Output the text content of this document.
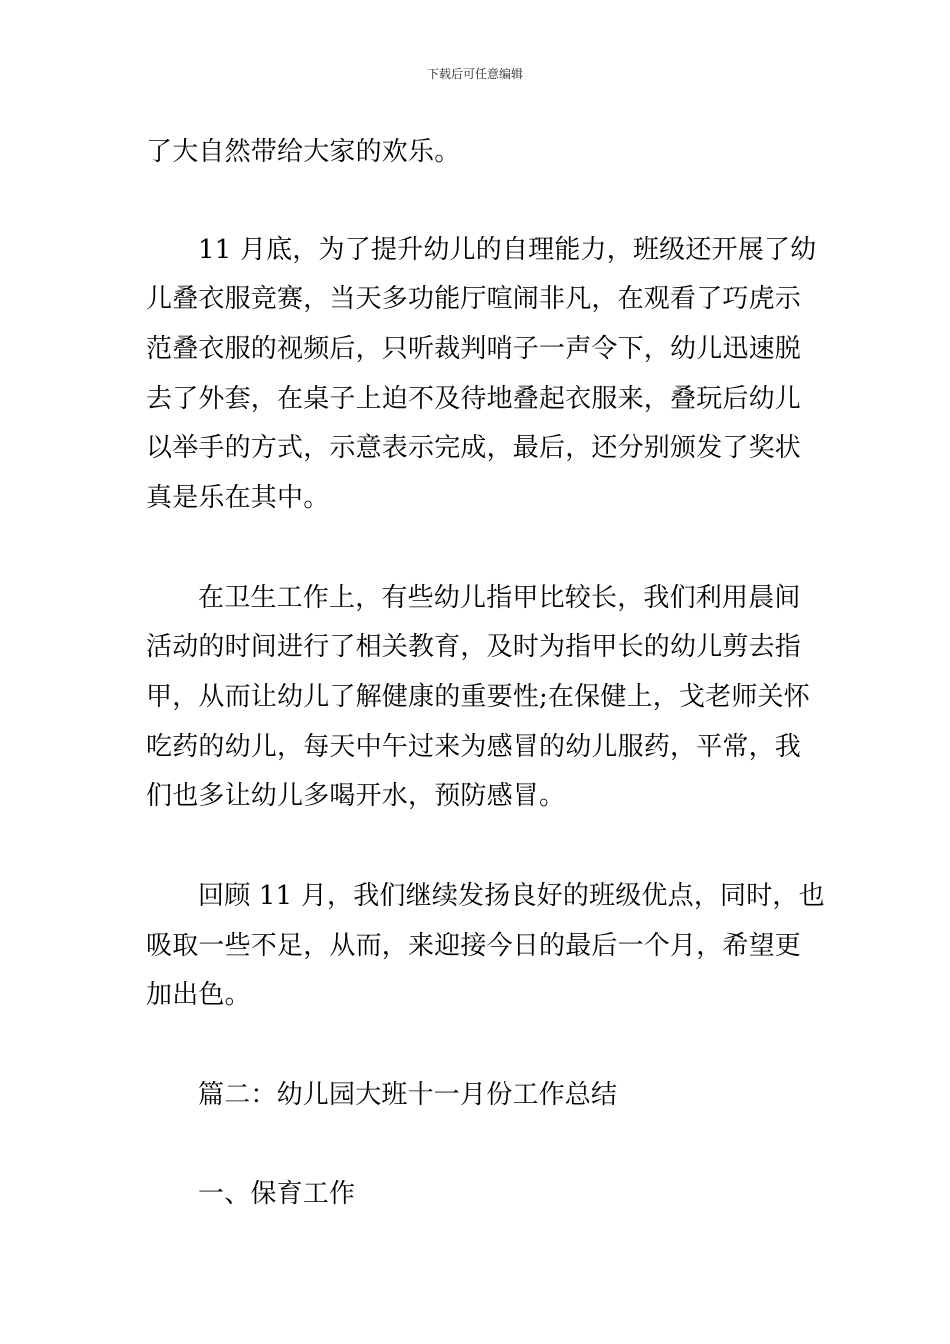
下载后可任意编辑
了大自然带给大家的欢乐。
11 月底，为了提升幼儿的自理能力，班级还开展了幼
儿叠衣服竞赛，当天多功能厅喧闹非凡，在观看了巧虎示
范叠衣服的视频后，只听裁判哨子一声令下，幼儿迅速脱
去了外套，在桌子上迫不及待地叠起衣服来，叠玩后幼儿
以举手的方式，示意表示完成，最后，还分别颁发了奖状
真是乐在其中。
在卫生工作上，有些幼儿指甲比较长，我们利用晨间
活动的时间进行了相关教育，及时为指甲长的幼儿剪去指
甲，从而让幼儿了解健康的重要性;在保健上，戈老师关怀
吃药的幼儿，每天中午过来为感冒的幼儿服药，平常，我
们也多让幼儿多喝开水，预防感冒。
回顾 11 月，我们继续发扬良好的班级优点，同时，也
吸取一些不足，从而，来迎接今日的最后一个月，希望更
加出色。
篇二：幼儿园大班十一月份工作总结
一、保育工作
